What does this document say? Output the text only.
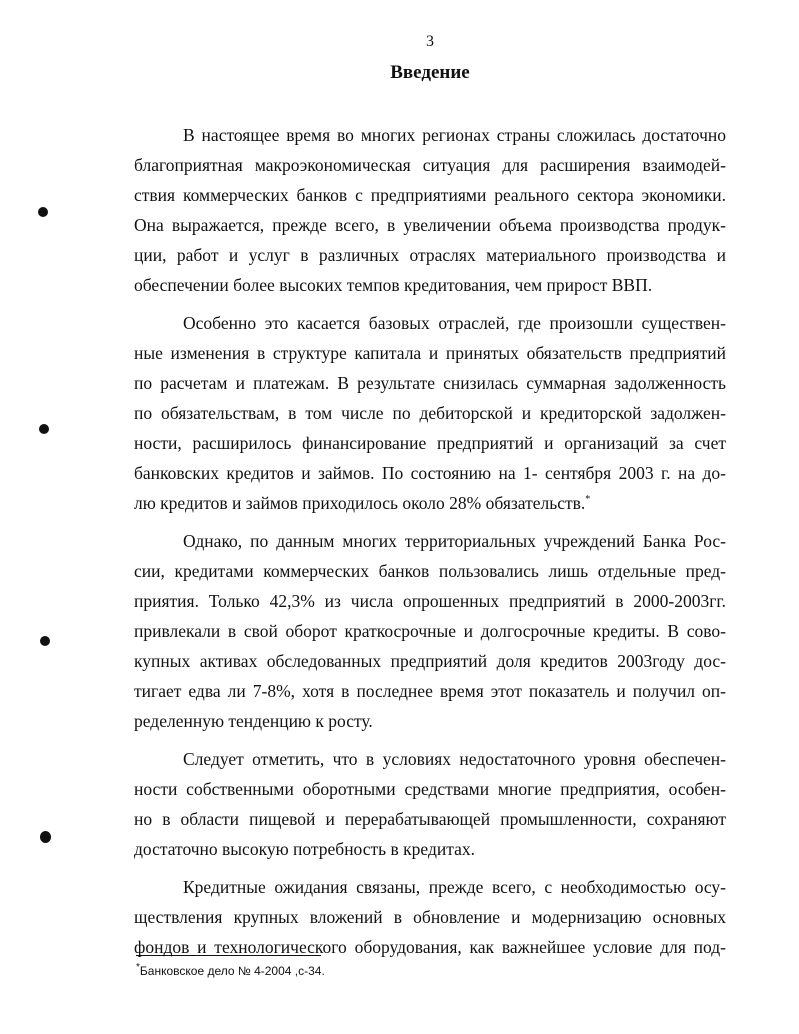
3
Введение

В настоящее время во многих регионах страны сложилась достаточно
благоприятная макроэкономическая ситуация для расширения взаимодей-
ствия коммерческих банков с предприятиями реального сектора экономики.
Она выражается, прежде всего, в увеличении объема производства продук-
ции, работ и услуг в различных отраслях материального производства и
обеспечении более высоких темпов кредитования, чем прирост ВВП.

Особенно это касается базовых отраслей, где произошли существен-
ные изменения в структуре капитала и принятых обязательств предприятий
по расчетам и платежам. В результате снизилась суммарная задолженность
по обязательствам, в том числе по дебиторской и кредиторской задолжен-
ности, расширилось финансирование предприятий и организаций за счет
банковских кредитов и займов. По состоянию на 1- сентября 2003 г. на до-
лю кредитов и займов приходилось около 28% обязательств.*

Однако, по данным многих территориальных учреждений Банка Рос-
сии, кредитами коммерческих банков пользовались лишь отдельные пред-
приятия. Только 42,3% из числа опрошенных предприятий в 2000-2003гг.
привлекали в свой оборот краткосрочные и долгосрочные кредиты. В сово-
купных активах обследованных предприятий доля кредитов 2003году дос-
тигает едва ли 7-8%, хотя в последнее время этот показатель и получил оп-
ределенную тенденцию к росту.

Следует отметить, что в условиях недостаточного уровня обеспечен-
ности собственными оборотными средствами многие предприятия, особен-
но в области пищевой и перерабатывающей промышленности, сохраняют
достаточно высокую потребность в кредитах.

Кредитные ожидания связаны, прежде всего, с необходимостью осу-
ществления крупных вложений в обновление и модернизацию основных
фондов и технологического оборудования, как важнейшее условие для под-

*Банковское дело № 4-2004 ,с-34.
